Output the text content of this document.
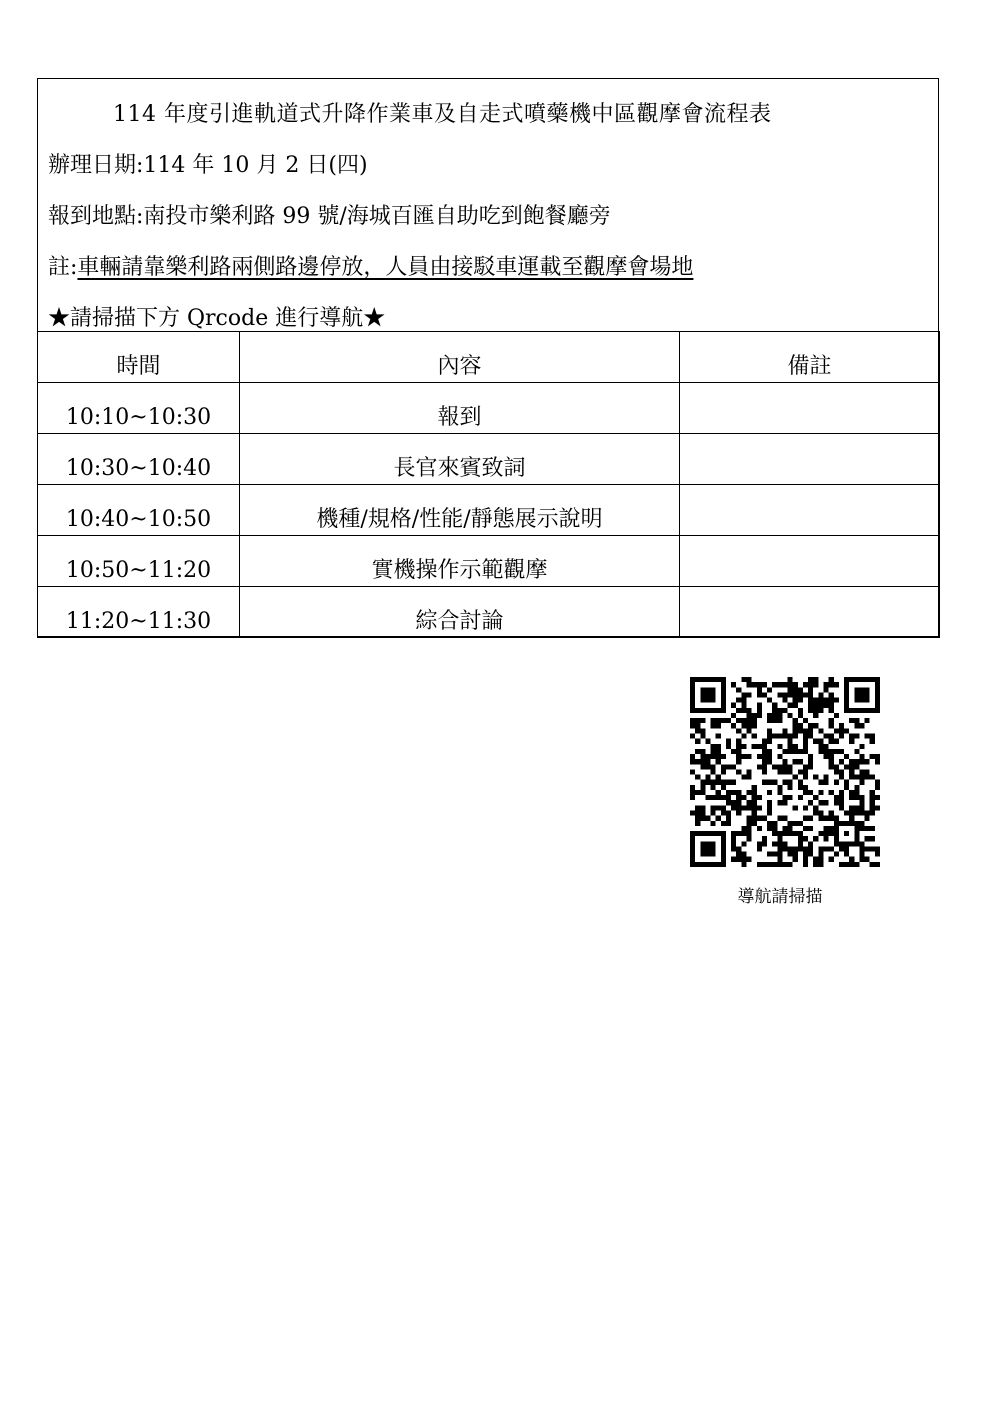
114 年度引進軌道式升降作業車及自走式噴藥機中區觀摩會流程表
辦理日期:114 年 10 月 2 日(四)
報到地點:南投市樂利路 99 號/海城百匯自助吃到飽餐廳旁
註:車輛請靠樂利路兩側路邊停放，人員由接駁車運載至觀摩會場地
★請掃描下方 Qrcode 進行導航★
時間	內容	備註
10:10~10:30	報到	
10:30~10:40	長官來賓致詞	
10:40~10:50	機種/規格/性能/靜態展示說明	
10:50~11:20	實機操作示範觀摩	
11:20~11:30	綜合討論	
導航請掃描
